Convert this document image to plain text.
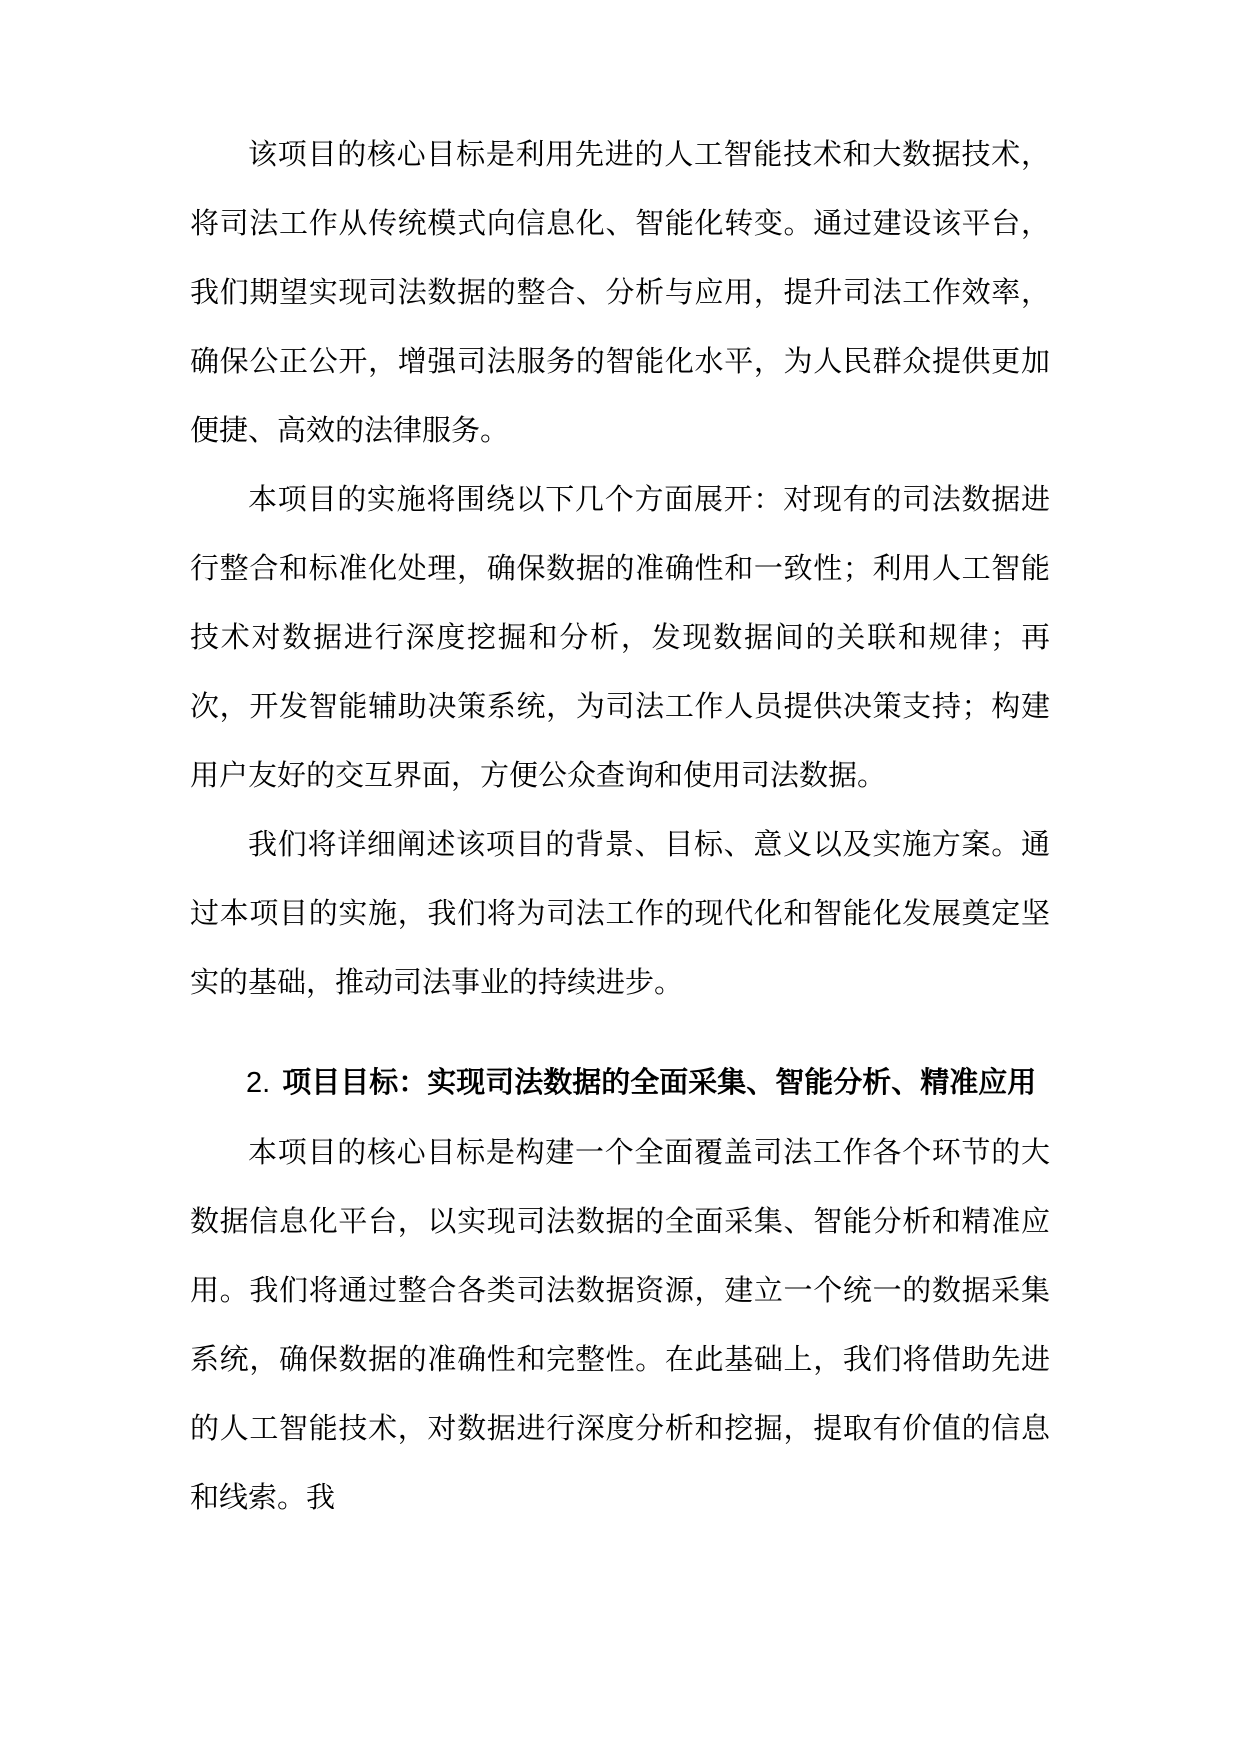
该项目的核心目标是利用先进的人工智能技术和大数据技术，将司法工作从传统模式向信息化、智能化转变。通过建设该平台，我们期望实现司法数据的整合、分析与应用，提升司法工作效率，确保公正公开，增强司法服务的智能化水平，为人民群众提供更加便捷、高效的法律服务。

本项目的实施将围绕以下几个方面展开：对现有的司法数据进行整合和标准化处理，确保数据的准确性和一致性；利用人工智能技术对数据进行深度挖掘和分析，发现数据间的关联和规律；再次，开发智能辅助决策系统，为司法工作人员提供决策支持；构建用户友好的交互界面，方便公众查询和使用司法数据。

我们将详细阐述该项目的背景、目标、意义以及实施方案。通过本项目的实施，我们将为司法工作的现代化和智能化发展奠定坚实的基础，推动司法事业的持续进步。

2. 项目目标：实现司法数据的全面采集、智能分析、精准应用

本项目的核心目标是构建一个全面覆盖司法工作各个环节的大数据信息化平台，以实现司法数据的全面采集、智能分析和精准应用。我们将通过整合各类司法数据资源，建立一个统一的数据采集系统，确保数据的准确性和完整性。在此基础上，我们将借助先进的人工智能技术，对数据进行深度分析和挖掘，提取有价值的信息和线索。我
